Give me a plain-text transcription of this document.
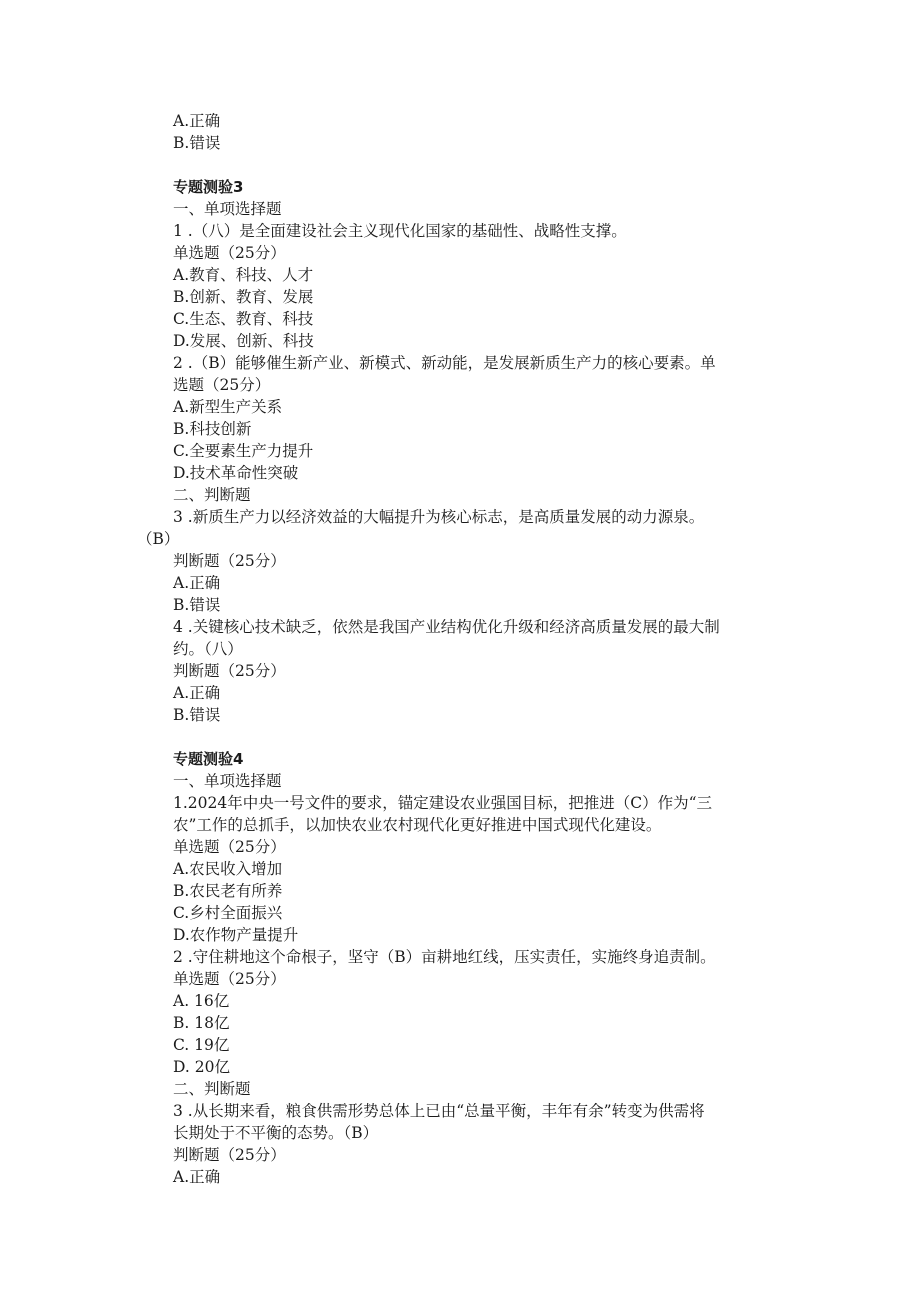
A.正确
B.错误
专题测验3
一、单项选择题
1 .（八）是全面建设社会主义现代化国家的基础性、战略性支撑。
单选题（25分）
A.教育、科技、人才
B.创新、教育、发展
C.生态、教育、科技
D.发展、创新、科技
2 .（B）能够催生新产业、新模式、新动能，是发展新质生产力的核心要素。单
选题（25分）
A.新型生产关系
B.科技创新
C.全要素生产力提升
D.技术革命性突破
二、判断题
3 .新质生产力以经济效益的大幅提升为核心标志，是高质量发展的动力源泉。
（B）
判断题（25分）
A.正确
B.错误
4 .关键核心技术缺乏，依然是我国产业结构优化升级和经济高质量发展的最大制
约。（八）
判断题（25分）
A.正确
B.错误
专题测验4
一、单项选择题
1.2024年中央一号文件的要求，锚定建设农业强国目标，把推进（C）作为“三
农”工作的总抓手，以加快农业农村现代化更好推进中国式现代化建设。
单选题（25分）
A.农民收入增加
B.农民老有所养
C.乡村全面振兴
D.农作物产量提升
2 .守住耕地这个命根子，坚守（B）亩耕地红线，压实责任，实施终身追责制。
单选题（25分）
A. 16亿
B. 18亿
C. 19亿
D. 20亿
二、判断题
3 .从长期来看，粮食供需形势总体上已由“总量平衡，丰年有余”转变为供需将
长期处于不平衡的态势。（B）
判断题（25分）
A.正确
